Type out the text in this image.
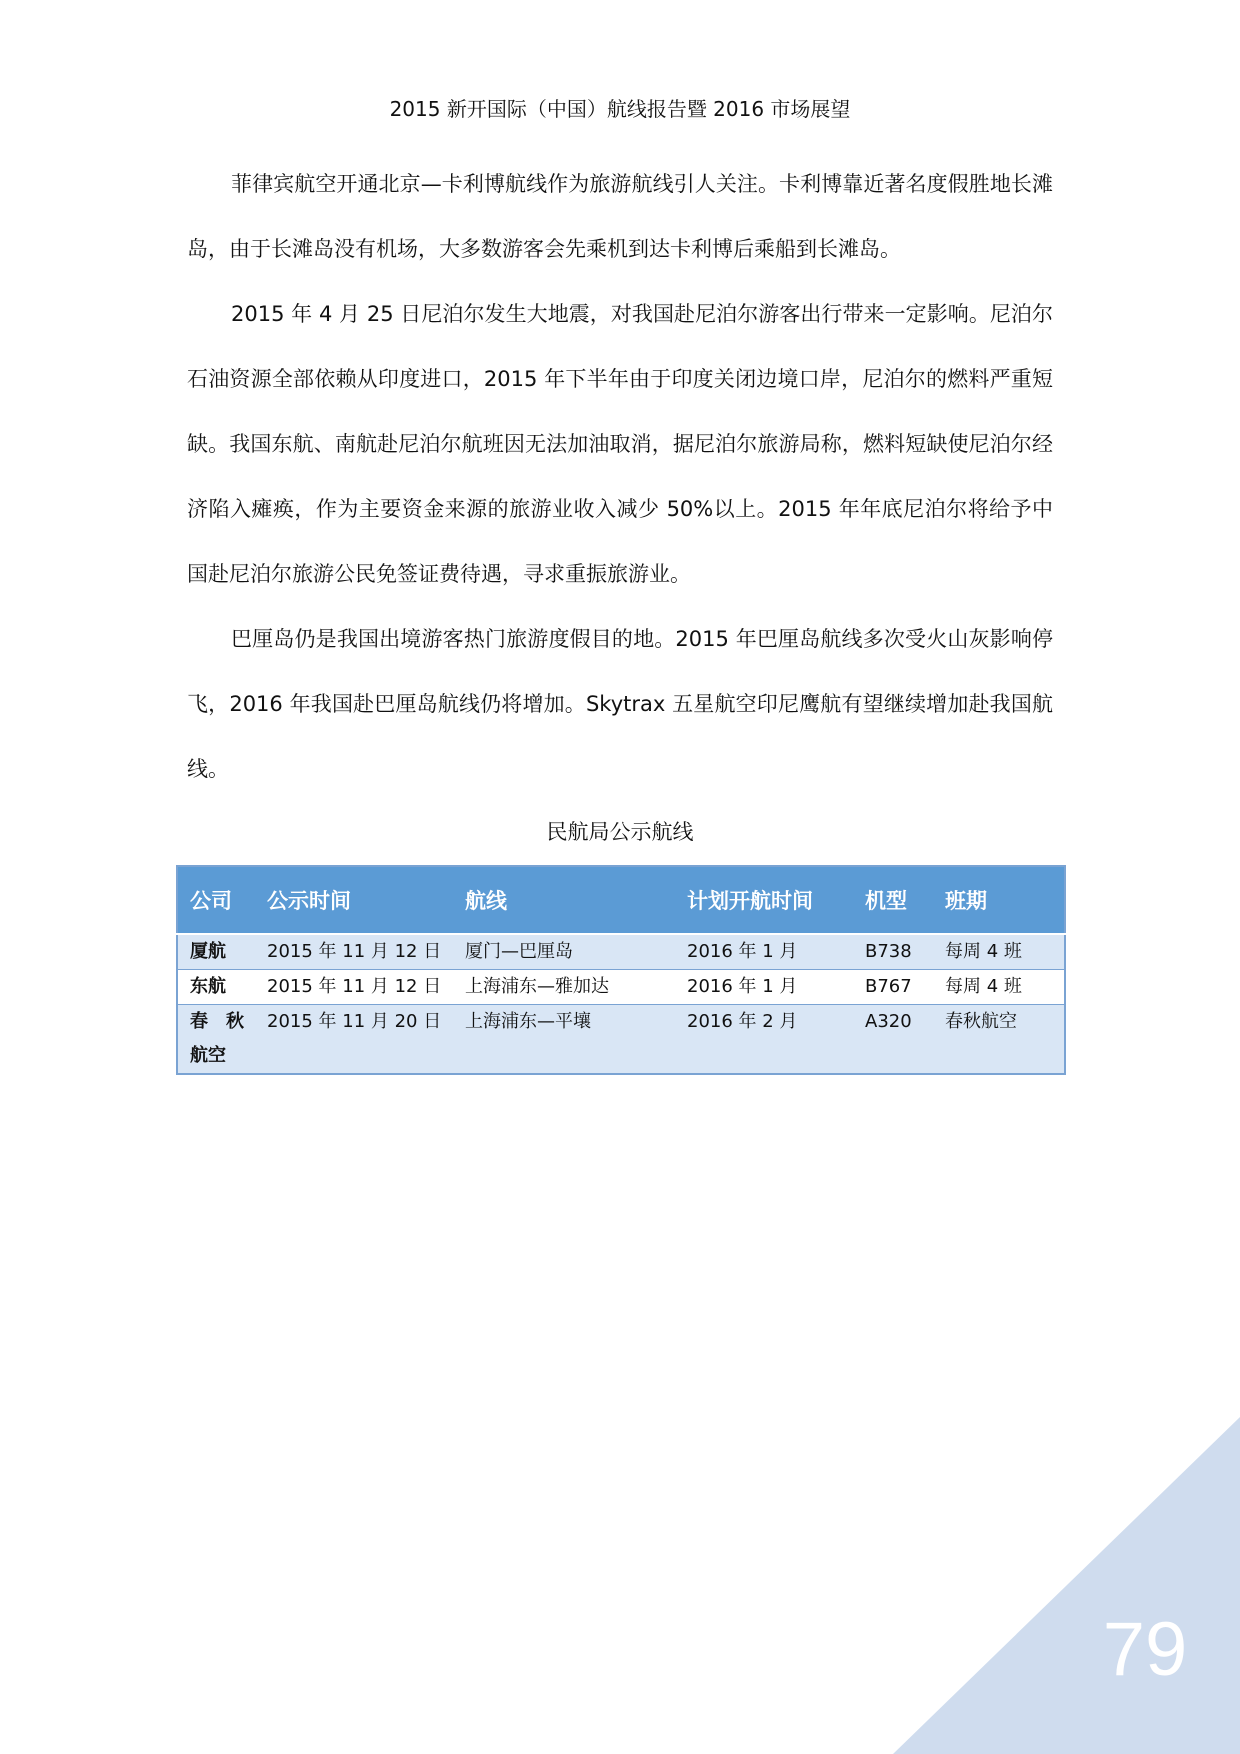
2015 新开国际（中国）航线报告暨 2016 市场展望

菲律宾航空开通北京—卡利博航线作为旅游航线引人关注。卡利博靠近著名度假胜地长滩岛，由于长滩岛没有机场，大多数游客会先乘机到达卡利博后乘船到长滩岛。

2015 年 4 月 25 日尼泊尔发生大地震，对我国赴尼泊尔游客出行带来一定影响。尼泊尔石油资源全部依赖从印度进口，2015 年下半年由于印度关闭边境口岸，尼泊尔的燃料严重短缺。我国东航、南航赴尼泊尔航班因无法加油取消，据尼泊尔旅游局称，燃料短缺使尼泊尔经济陷入瘫痪，作为主要资金来源的旅游业收入减少 50%以上。2015 年年底尼泊尔将给予中国赴尼泊尔旅游公民免签证费待遇，寻求重振旅游业。

巴厘岛仍是我国出境游客热门旅游度假目的地。2015 年巴厘岛航线多次受火山灰影响停飞，2016 年我国赴巴厘岛航线仍将增加。Skytrax 五星航空印尼鹰航有望继续增加赴我国航线。

民航局公示航线
公司	公示时间	航线	计划开航时间	机型	班期
厦航	2015 年 11 月 12 日	厦门—巴厘岛	2016 年 1 月	B738	每周 4 班
东航	2015 年 11 月 12 日	上海浦东—雅加达	2016 年 1 月	B767	每周 4 班
春　秋航空	2015 年 11 月 20 日	上海浦东—平壤	2016 年 2 月	A320	春秋航空
79
